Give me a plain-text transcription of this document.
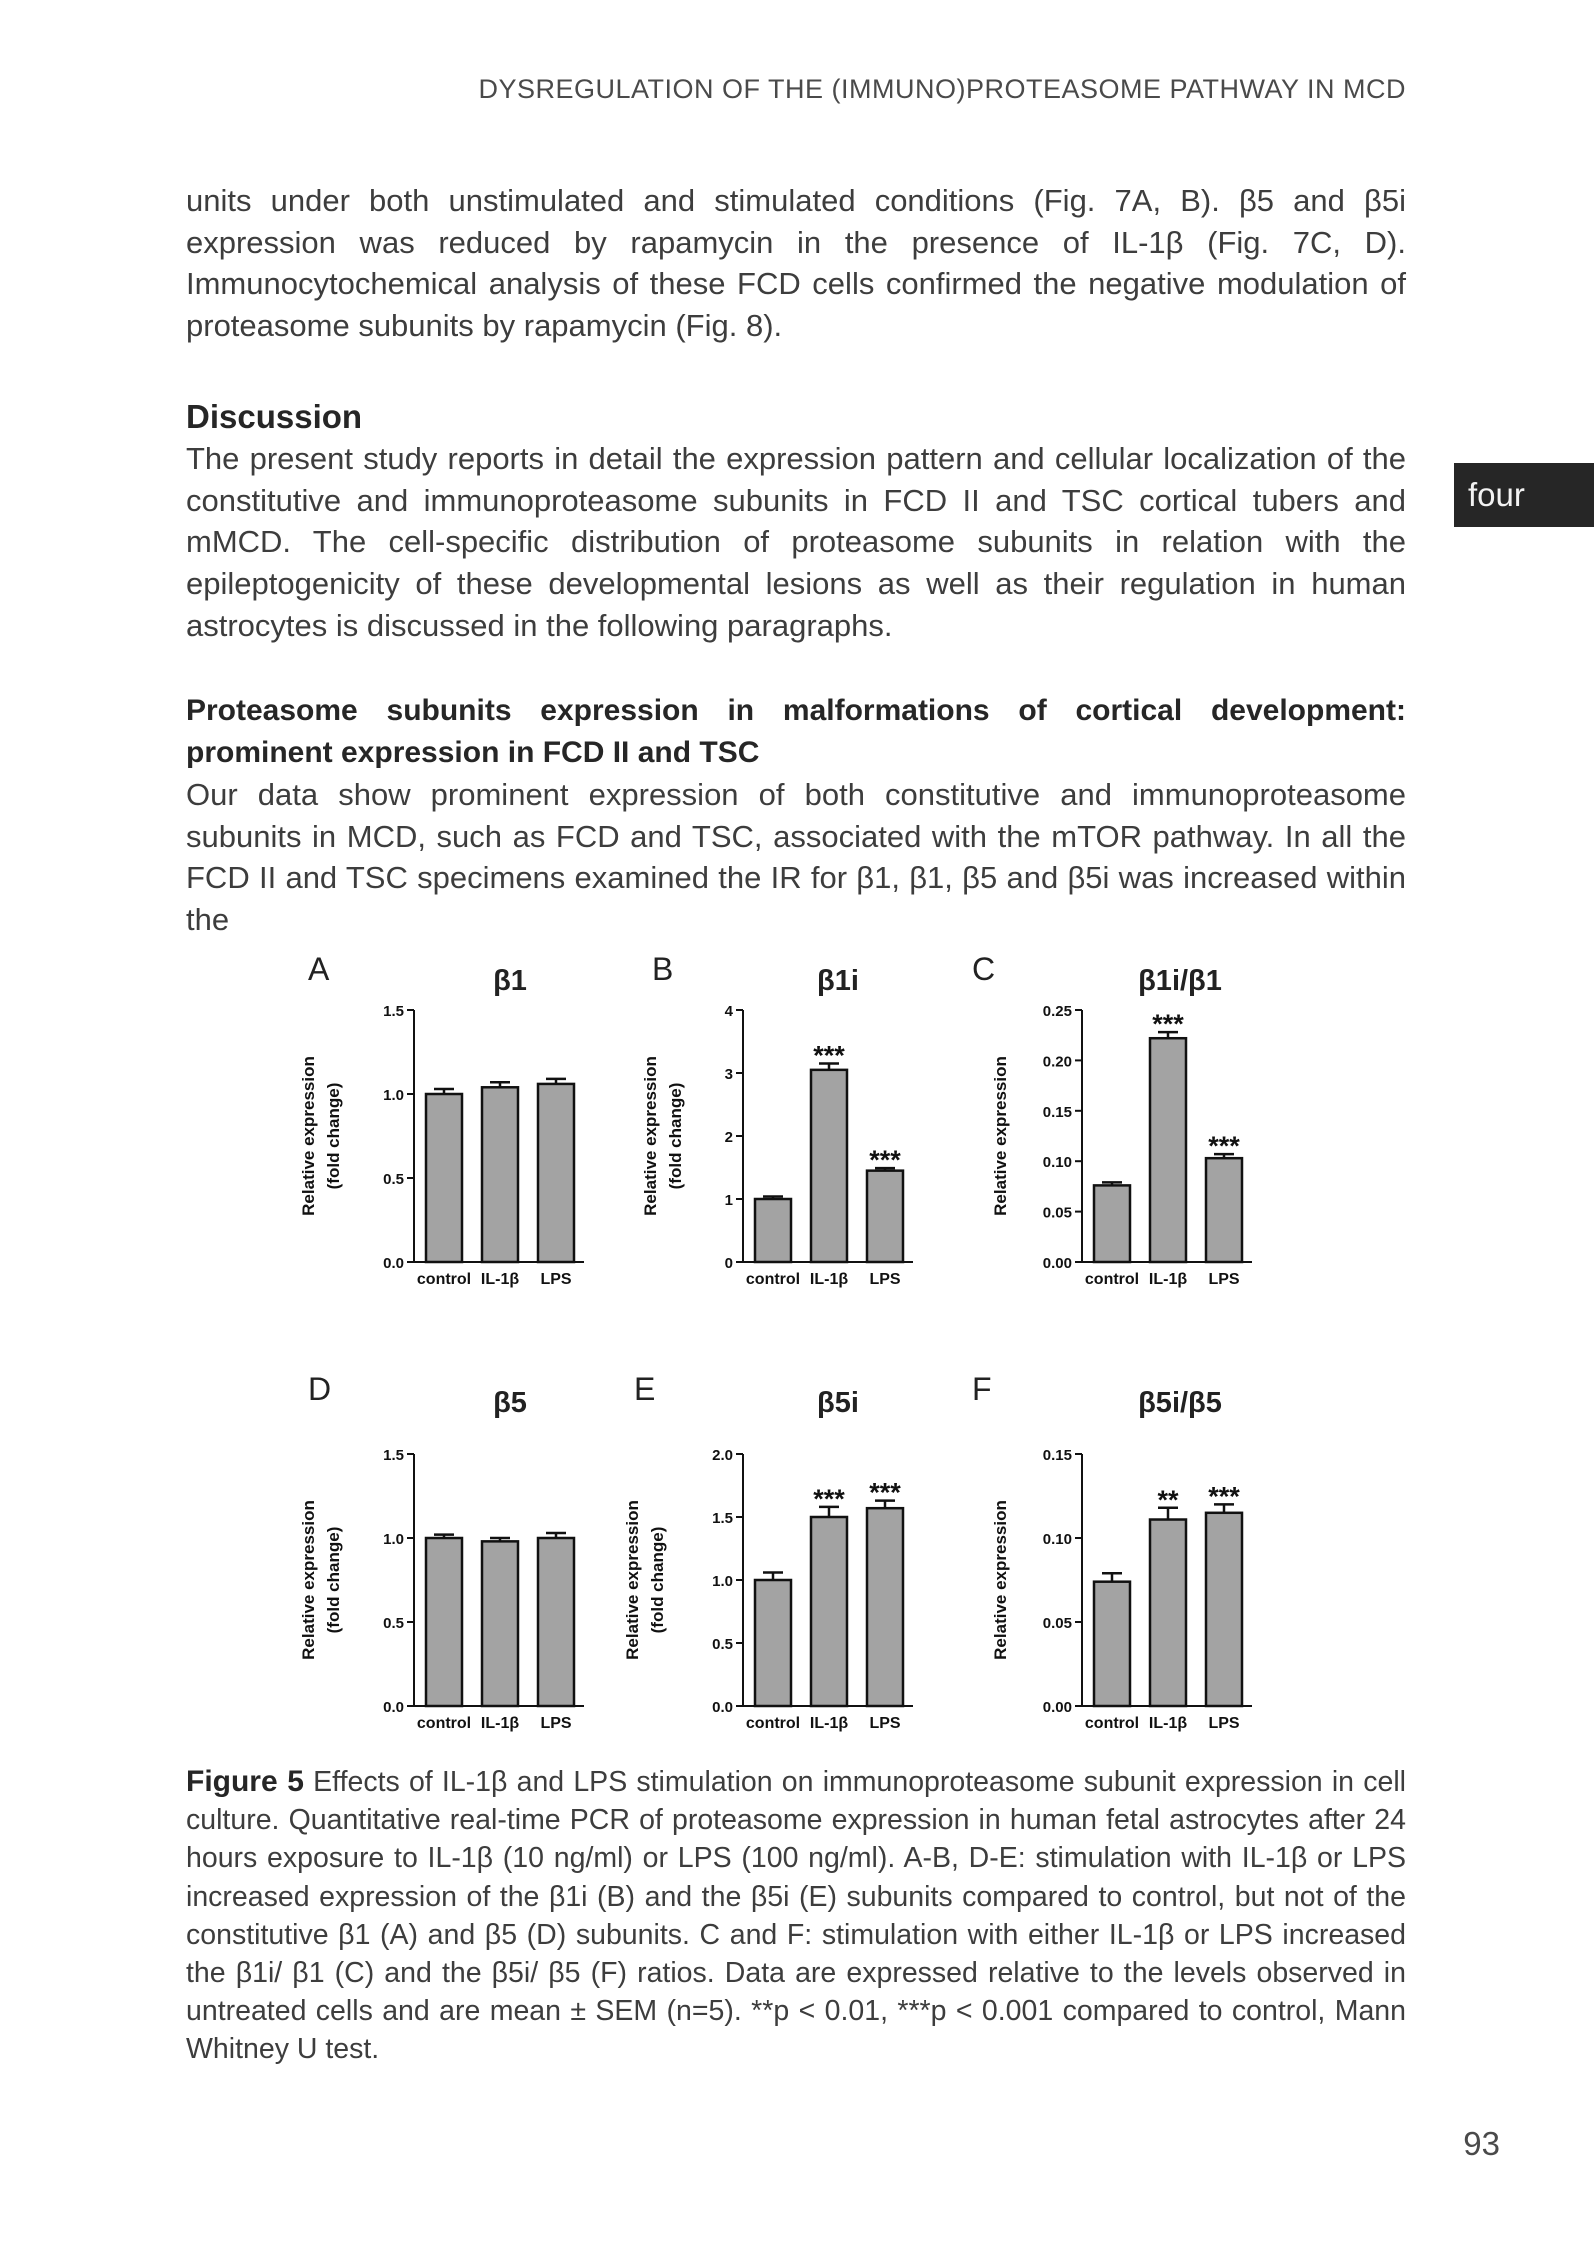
DYSREGULATION OF THE (IMMUNO)PROTEASOME PATHWAY IN MCD
four

units under both unstimulated and stimulated conditions (Fig. 7A, B). β5 and β5i expression was reduced by rapamycin in the presence of IL-1β (Fig. 7C, D). Immunocytochemical analysis of these FCD cells confirmed the negative modulation of proteasome subunits by rapamycin (Fig. 8).

Discussion

The present study reports in detail the expression pattern and cellular localization of the constitutive and immunoproteasome subunits in FCD II and TSC cortical tubers and mMCD. The cell-specific distribution of proteasome subunits in relation with the epileptogenicity of these developmental lesions as well as their regulation in human astrocytes is discussed in the following paragraphs.

Proteasome subunits expression in malformations of cortical development: prominent expression in FCD II and TSC

Our data show prominent expression of both constitutive and immunoproteasome subunits in MCD, such as FCD and TSC, associated with the mTOR pathway. In all the FCD II and TSC specimens examined the IR for β1, β1, β5 and β5i was increased within the

A	β1
0.0
0.5
1.0
1.5
Relative expression (fold change)
control IL-1β LPS
B	β1i
0
1
2
3
4
Relative expression (fold change)
control
***
IL-1β
***
LPS
C	β1i/β1
0.00
0.05
0.10
0.15
0.20
0.25
Relative expression
control
***
IL-1β
***
LPS
D	β5
0.0
0.5
1.0
1.5
Relative expression (fold change)
control IL-1β LPS
E	β5i
0.0
0.5
1.0
1.5
2.0
Relative expression (fold change)
control
***
IL-1β
***
LPS
F	β5i/β5
0.00
0.05
0.10
0.15
Relative expression
control
**
IL-1β
***
LPS

Figure 5 Effects of IL-1β and LPS stimulation on immunoproteasome subunit expression in cell culture. Quantitative real-time PCR of proteasome expression in human fetal astrocytes after 24 hours exposure to IL-1β (10 ng/ml) or LPS (100 ng/ml). A-B, D-E: stimulation with IL-1β or LPS increased expression of the β1i (B) and the β5i (E) subunits compared to control, but not of the constitutive β1 (A) and β5 (D) subunits. C and F: stimulation with either IL-1β or LPS increased the β1i/ β1 (C) and the β5i/ β5 (F) ratios. Data are expressed relative to the levels observed in untreated cells and are mean ± SEM (n=5). **p < 0.01, ***p < 0.001 compared to control, Mann Whitney U test.

93
